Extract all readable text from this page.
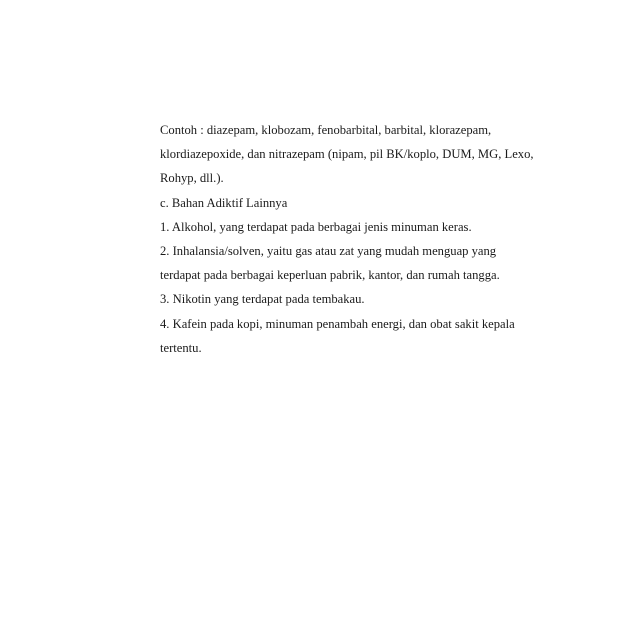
Contoh : diazepam, klobozam, fenobarbital, barbital, klorazepam,
klordiazepoxide, dan nitrazepam (nipam, pil BK/koplo, DUM, MG, Lexo,
Rohyp, dll.).
c. Bahan Adiktif Lainnya
1. Alkohol, yang terdapat pada berbagai jenis minuman keras.
2. Inhalansia/solven, yaitu gas atau zat yang mudah menguap yang
terdapat pada berbagai keperluan pabrik, kantor, dan rumah tangga.
3. Nikotin yang terdapat pada tembakau.
4. Kafein pada kopi, minuman penambah energi, dan obat sakit kepala
tertentu.
